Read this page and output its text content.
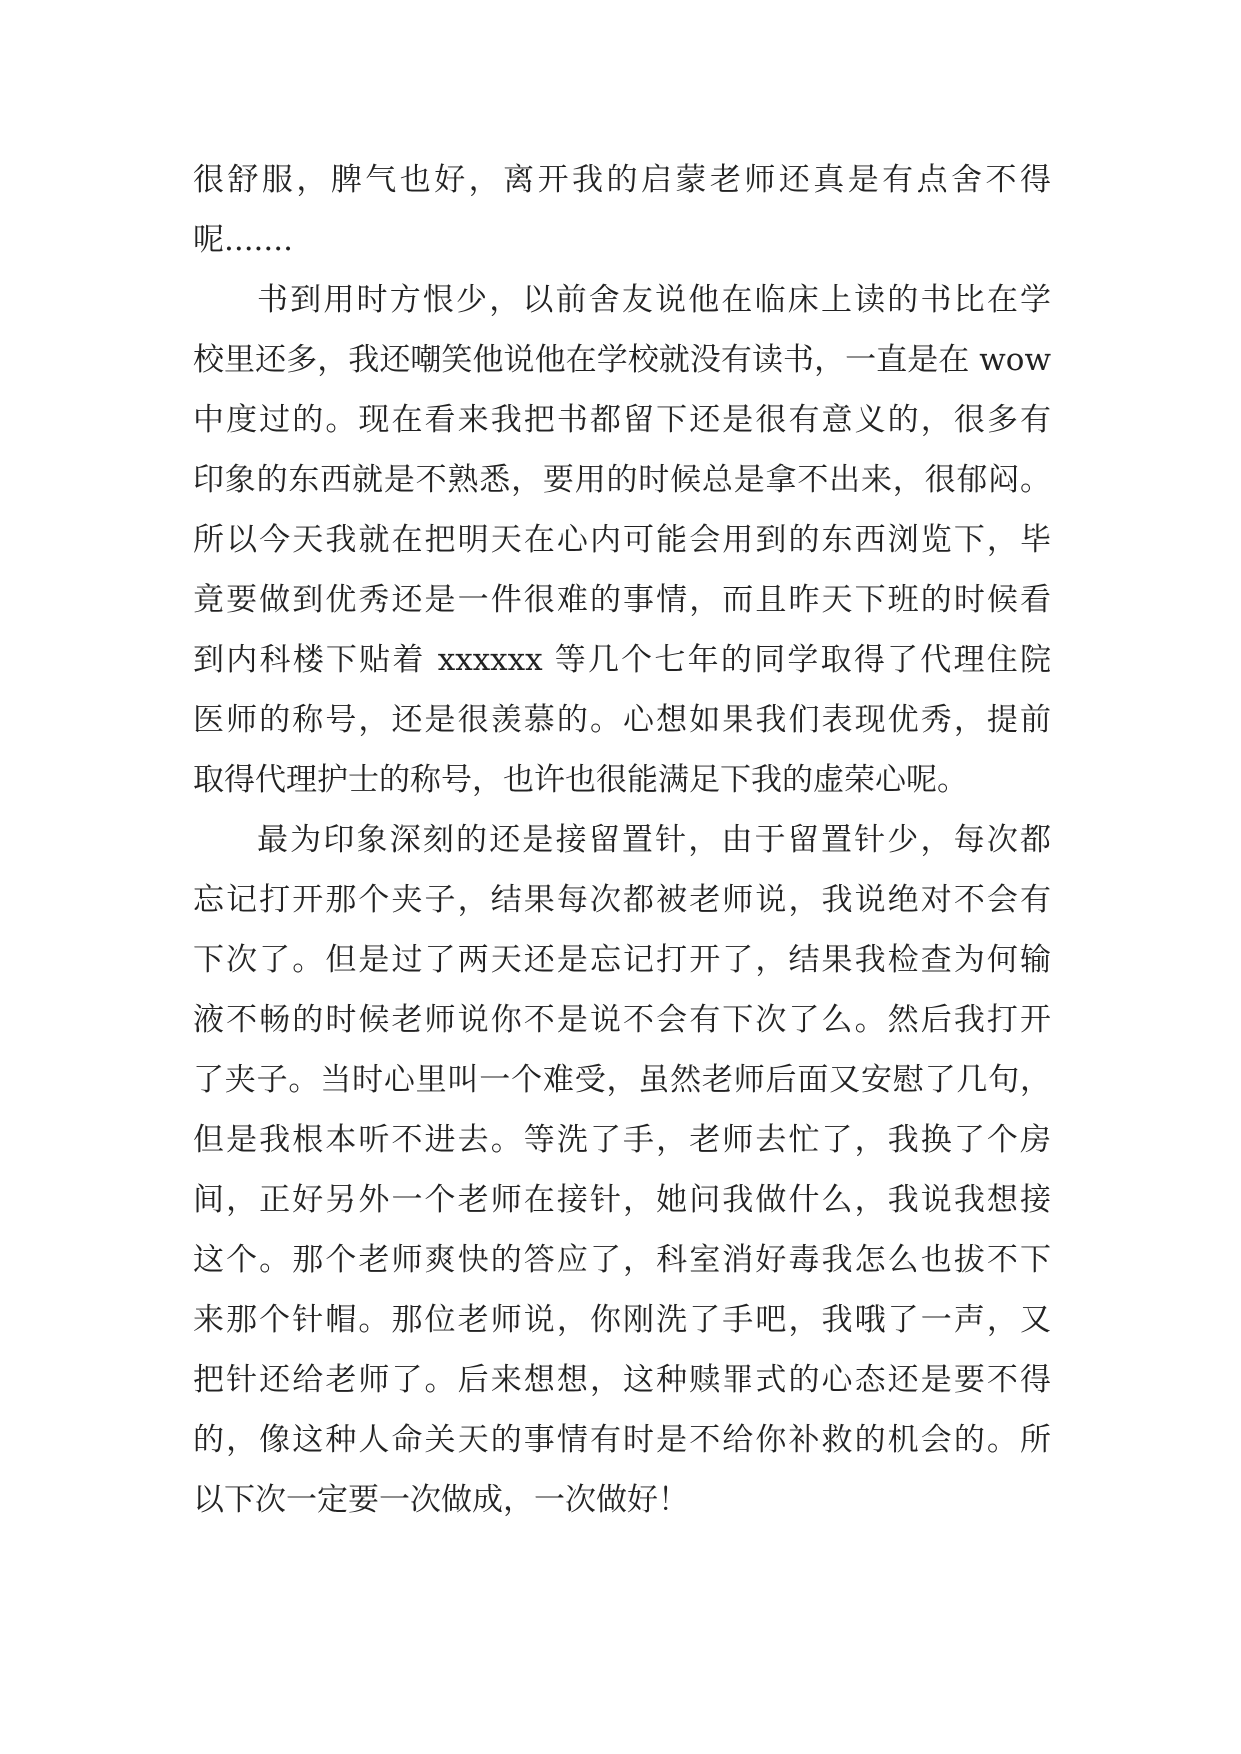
很舒服，脾气也好，离开我的启蒙老师还真是有点舍不得
呢.......
书到用时方恨少，以前舍友说他在临床上读的书比在学
校里还多，我还嘲笑他说他在学校就没有读书，一直是在 wow
中度过的。现在看来我把书都留下还是很有意义的，很多有
印象的东西就是不熟悉，要用的时候总是拿不出来，很郁闷。
所以今天我就在把明天在心内可能会用到的东西浏览下，毕
竟要做到优秀还是一件很难的事情，而且昨天下班的时候看
到内科楼下贴着 xxxxxx 等几个七年的同学取得了代理住院
医师的称号，还是很羡慕的。心想如果我们表现优秀，提前
取得代理护士的称号，也许也很能满足下我的虚荣心呢。
最为印象深刻的还是接留置针，由于留置针少，每次都
忘记打开那个夹子，结果每次都被老师说，我说绝对不会有
下次了。但是过了两天还是忘记打开了，结果我检查为何输
液不畅的时候老师说你不是说不会有下次了么。然后我打开
了夹子。当时心里叫一个难受，虽然老师后面又安慰了几句，
但是我根本听不进去。等洗了手，老师去忙了，我换了个房
间，正好另外一个老师在接针，她问我做什么，我说我想接
这个。那个老师爽快的答应了，科室消好毒我怎么也拔不下
来那个针帽。那位老师说，你刚洗了手吧，我哦了一声，又
把针还给老师了。后来想想，这种赎罪式的心态还是要不得
的，像这种人命关天的事情有时是不给你补救的机会的。所
以下次一定要一次做成，一次做好！
